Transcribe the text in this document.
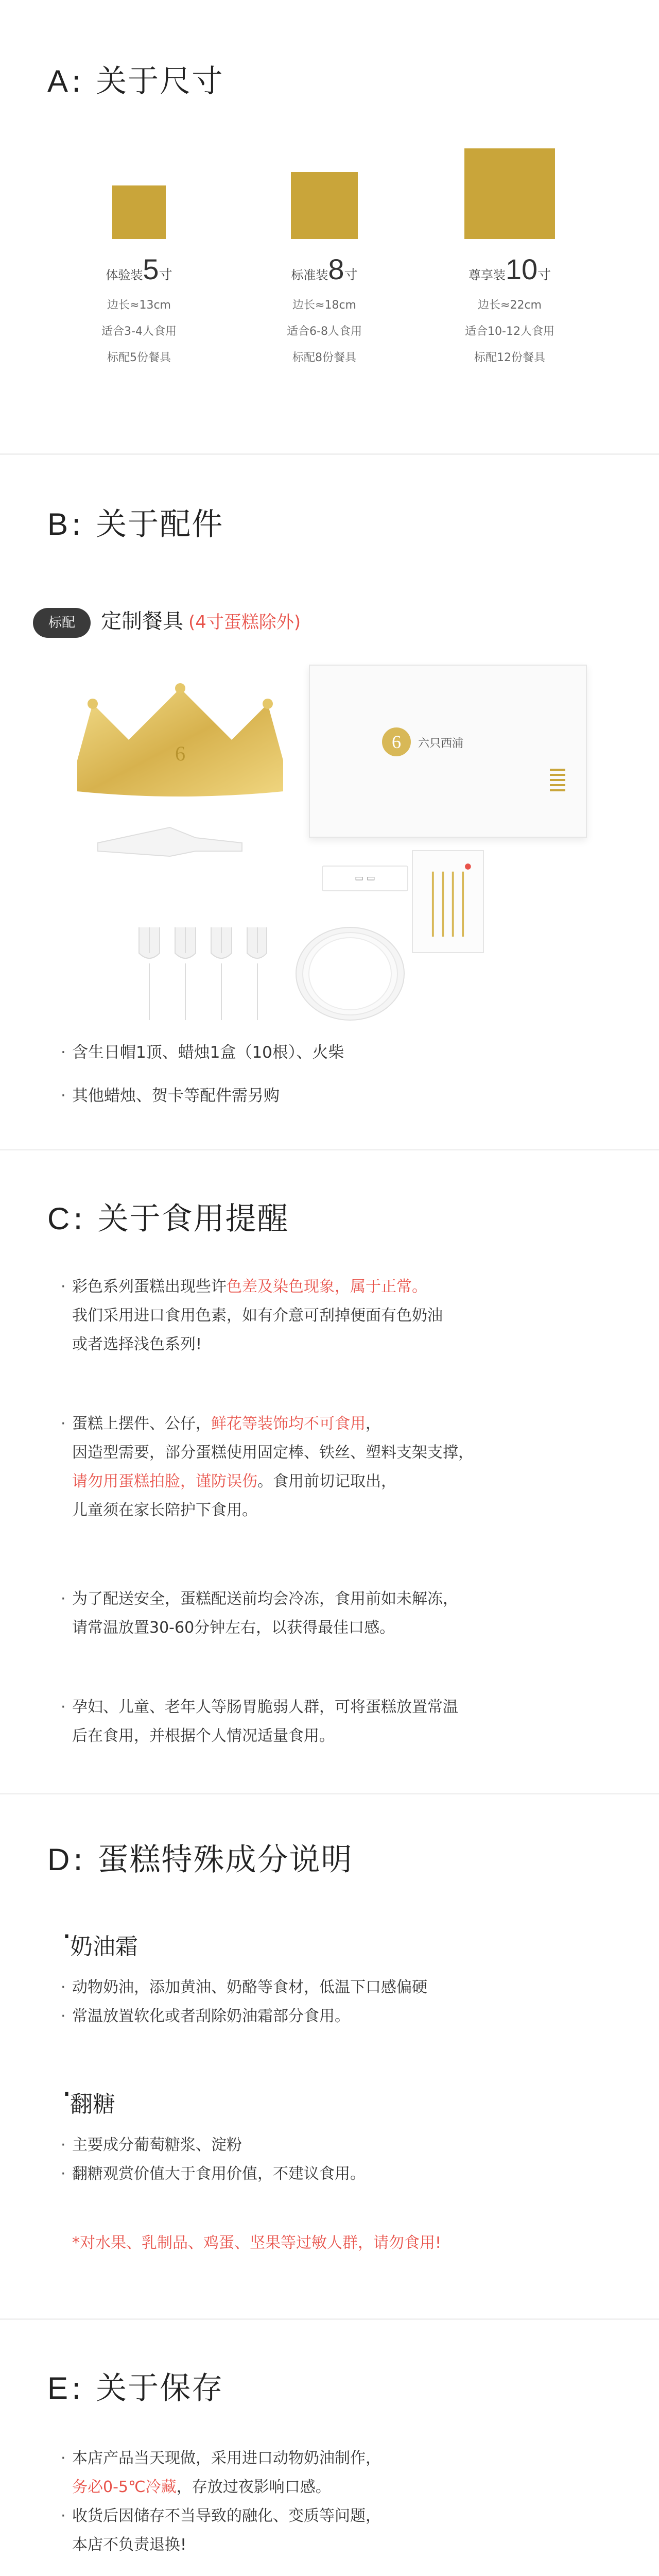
A: 关于尺寸
体验装5寸
边长≈13cm
适合3-4人食用
标配5份餐具
标准装8寸
边长≈18cm
适合6-8人食用
标配8份餐具
尊享装10寸
边长≈22cm
适合10-12人食用
标配12份餐具
B: 关于配件
标配	定制餐具 (4寸蛋糕除外)
6	6	六只西浦
▭ ▭
· 含生日帽1顶、蜡烛1盒（10根）、火柴
· 其他蜡烛、贺卡等配件需另购
C: 关于食用提醒
· 彩色系列蛋糕出现些许色差及染色现象，属于正常。
我们采用进口食用色素，如有介意可刮掉便面有色奶油
或者选择浅色系列!
· 蛋糕上摆件、公仔，鲜花等装饰均不可食用，
因造型需要，部分蛋糕使用固定棒、铁丝、塑料支架支撑，
请勿用蛋糕拍脸，谨防误伤。食用前切记取出，
儿童须在家长陪护下食用。
· 为了配送安全，蛋糕配送前均会冷冻，食用前如未解冻，
请常温放置30-60分钟左右，以获得最佳口感。
· 孕妇、儿童、老年人等肠胃脆弱人群，可将蛋糕放置常温
后在食用，并根据个人情况适量食用。
D: 蛋糕特殊成分说明
· 奶油霜
· 动物奶油，添加黄油、奶酪等食材，低温下口感偏硬

· 常温放置软化或者刮除奶油霜部分食用。
· 翻糖
· 主要成分葡萄糖浆、淀粉

· 翻糖观赏价值大于食用价值，不建议食用。
*对水果、乳制品、鸡蛋、坚果等过敏人群，请勿食用!
E: 关于保存
· 本店产品当天现做，采用进口动物奶油制作，
务必0-5℃冷藏，存放过夜影响口感。

· 收货后因储存不当导致的融化、变质等问题，
本店不负责退换!
